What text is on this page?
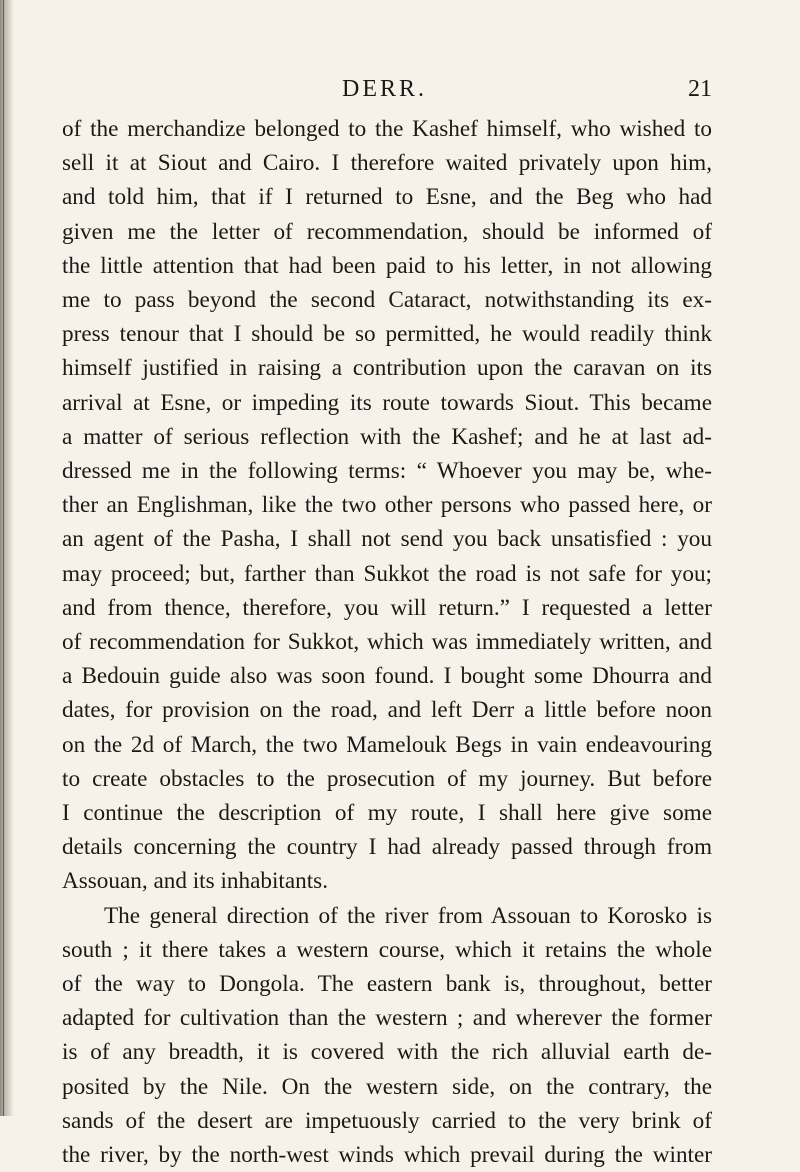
DERR.	21

of the merchandize belonged to the Kashef himself, who wished to
sell it at Siout and Cairo. I therefore waited privately upon him,
and told him, that if I returned to Esne, and the Beg who had
given me the letter of recommendation, should be informed of
the little attention that had been paid to his letter, in not allowing
me to pass beyond the second Cataract, notwithstanding its ex-
press tenour that I should be so permitted, he would readily think
himself justified in raising a contribution upon the caravan on its
arrival at Esne, or impeding its route towards Siout. This became
a matter of serious reflection with the Kashef; and he at last ad-
dressed me in the following terms: “ Whoever you may be, whe-
ther an Englishman, like the two other persons who passed here, or
an agent of the Pasha, I shall not send you back unsatisfied : you
may proceed; but, farther than Sukkot the road is not safe for you;
and from thence, therefore, you will return.” I requested a letter
of recommendation for Sukkot, which was immediately written, and
a Bedouin guide also was soon found. I bought some Dhourra and
dates, for provision on the road, and left Derr a little before noon
on the 2d of March, the two Mamelouk Begs in vain endeavouring
to create obstacles to the prosecution of my journey. But before
I continue the description of my route, I shall here give some
details concerning the country I had already passed through from
Assouan, and its inhabitants.

The general direction of the river from Assouan to Korosko is
south ; it there takes a western course, which it retains the whole
of the way to Dongola. The eastern bank is, throughout, better
adapted for cultivation than the western ; and wherever the former
is of any breadth, it is covered with the rich alluvial earth de-
posited by the Nile. On the western side, on the contrary, the
sands of the desert are impetuously carried to the very brink of
the river, by the north-west winds which prevail during the winter
